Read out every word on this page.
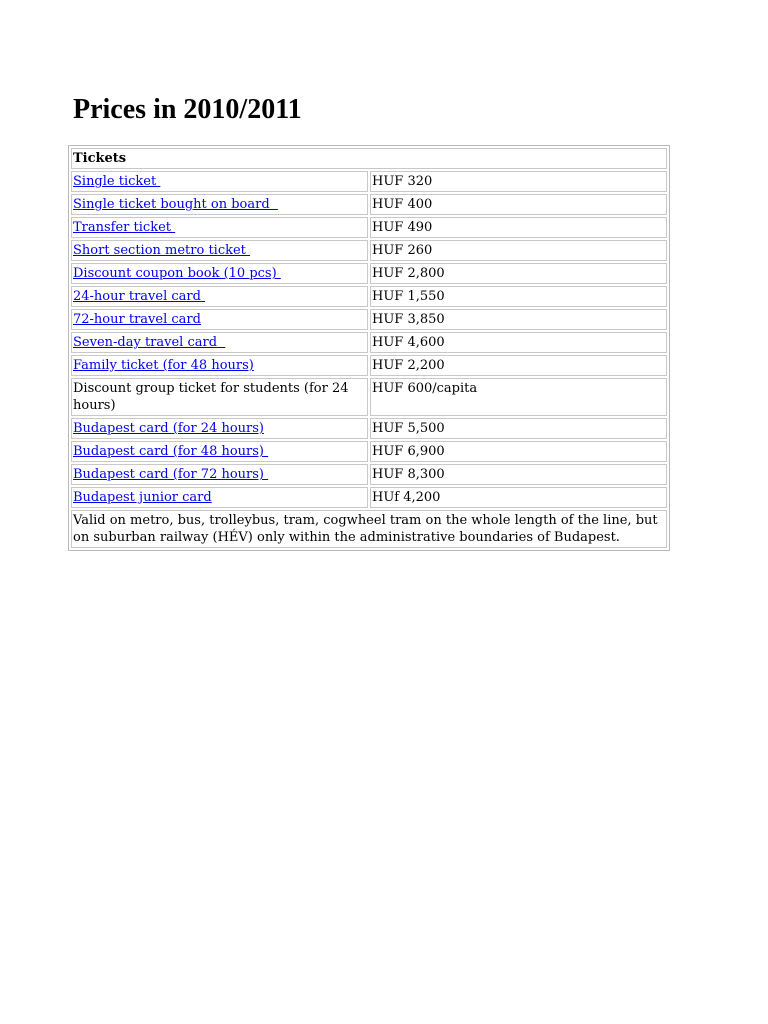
Prices in 2010/2011
Tickets	
Single ticket	HUF 320
Single ticket bought on board	HUF 400
Transfer ticket	HUF 490
Short section metro ticket	HUF 260
Discount coupon book (10 pcs)	HUF 2,800
24-hour travel card	HUF 1,550
72-hour travel card	HUF 3,850
Seven-day travel card	HUF 4,600
Family ticket (for 48 hours)	HUF 2,200
Discount group ticket for students (for 24 hours)	HUF 600/capita
Budapest card (for 24 hours)	HUF 5,500
Budapest card (for 48 hours)	HUF 6,900
Budapest card (for 72 hours)	HUF 8,300
Budapest junior card	HUf 4,200
Valid on metro, bus, trolleybus, tram, cogwheel tram on the whole length of the line, but on suburban railway (HÉV) only within the administrative boundaries of Budapest.	
